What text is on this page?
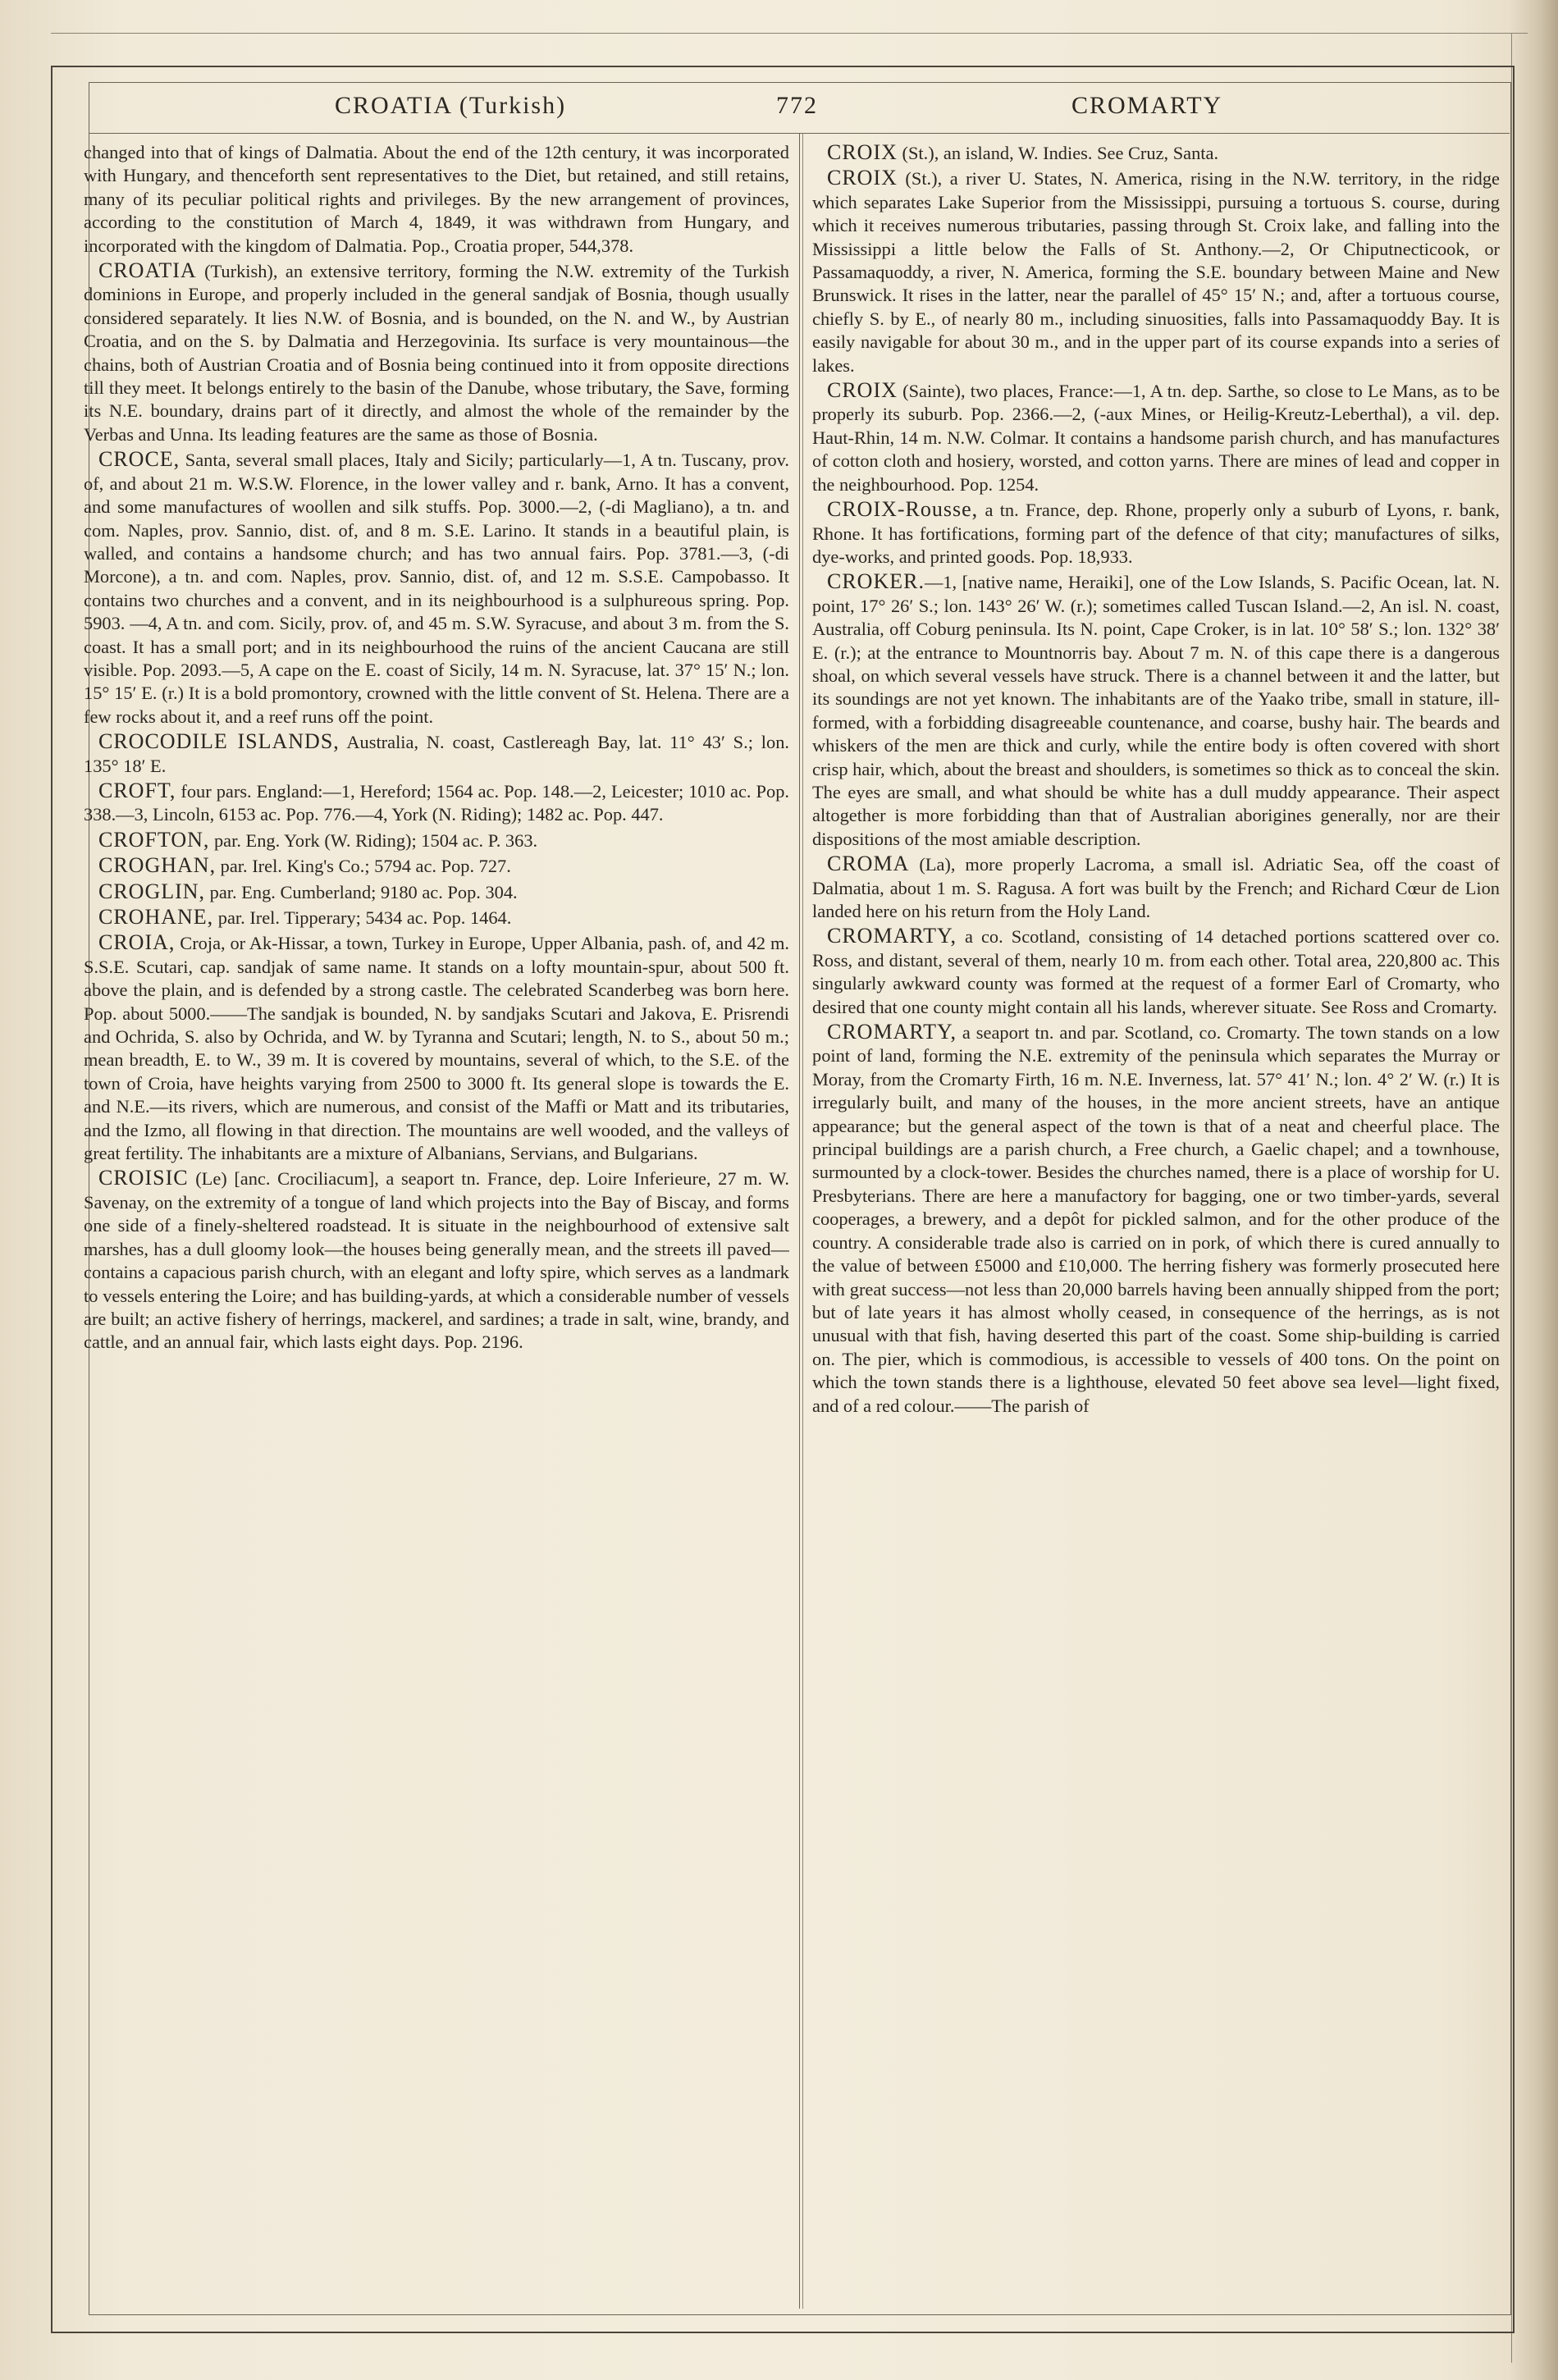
CROATIA (Turkish)	772	CROMARTY

changed into that of kings of Dalmatia. About the end of the 12th century, it was incorporated with Hungary, and thenceforth sent representatives to the Diet, but retained, and still retains, many of its peculiar political rights and privileges. By the new arrangement of provinces, according to the constitution of March 4, 1849, it was withdrawn from Hungary, and incorporated with the kingdom of Dalmatia. Pop., Croatia proper, 544,378.

CROATIA (Turkish), an extensive territory, forming the N.W. extremity of the Turkish dominions in Europe, and properly included in the general sandjak of Bosnia, though usually considered separately. It lies N.W. of Bosnia, and is bounded, on the N. and W., by Austrian Croatia, and on the S. by Dalmatia and Herzegovinia. Its surface is very mountainous—the chains, both of Austrian Croatia and of Bosnia being continued into it from opposite directions till they meet. It belongs entirely to the basin of the Danube, whose tributary, the Save, forming its N.E. boundary, drains part of it directly, and almost the whole of the remainder by the Verbas and Unna. Its leading features are the same as those of Bosnia.

CROCE, Santa, several small places, Italy and Sicily; particularly—1, A tn. Tuscany, prov. of, and about 21 m. W.S.W. Florence, in the lower valley and r. bank, Arno. It has a convent, and some manufactures of woollen and silk stuffs. Pop. 3000.—2, (-di Magliano), a tn. and com. Naples, prov. Sannio, dist. of, and 8 m. S.E. Larino. It stands in a beautiful plain, is walled, and contains a handsome church; and has two annual fairs. Pop. 3781.—3, (-di Morcone), a tn. and com. Naples, prov. Sannio, dist. of, and 12 m. S.S.E. Campobasso. It contains two churches and a convent, and in its neighbourhood is a sulphureous spring. Pop. 5903. —4, A tn. and com. Sicily, prov. of, and 45 m. S.W. Syracuse, and about 3 m. from the S. coast. It has a small port; and in its neighbourhood the ruins of the ancient Caucana are still visible. Pop. 2093.—5, A cape on the E. coast of Sicily, 14 m. N. Syracuse, lat. 37° 15′ N.; lon. 15° 15′ E. (r.) It is a bold promontory, crowned with the little convent of St. Helena. There are a few rocks about it, and a reef runs off the point.

CROCODILE ISLANDS, Australia, N. coast, Castlereagh Bay, lat. 11° 43′ S.; lon. 135° 18′ E.

CROFT, four pars. England:—1, Hereford; 1564 ac. Pop. 148.—2, Leicester; 1010 ac. Pop. 338.—3, Lincoln, 6153 ac. Pop. 776.—4, York (N. Riding); 1482 ac. Pop. 447.

CROFTON, par. Eng. York (W. Riding); 1504 ac. P. 363.

CROGHAN, par. Irel. King's Co.; 5794 ac. Pop. 727.

CROGLIN, par. Eng. Cumberland; 9180 ac. Pop. 304.

CROHANE, par. Irel. Tipperary; 5434 ac. Pop. 1464.

CROIA, Croja, or Ak-Hissar, a town, Turkey in Europe, Upper Albania, pash. of, and 42 m. S.S.E. Scutari, cap. sandjak of same name. It stands on a lofty mountain-spur, about 500 ft. above the plain, and is defended by a strong castle. The celebrated Scanderbeg was born here. Pop. about 5000.——The sandjak is bounded, N. by sandjaks Scutari and Jakova, E. Prisrendi and Ochrida, S. also by Ochrida, and W. by Tyranna and Scutari; length, N. to S., about 50 m.; mean breadth, E. to W., 39 m. It is covered by mountains, several of which, to the S.E. of the town of Croia, have heights varying from 2500 to 3000 ft. Its general slope is towards the E. and N.E.—its rivers, which are numerous, and consist of the Maffi or Matt and its tributaries, and the Izmo, all flowing in that direction. The mountains are well wooded, and the valleys of great fertility. The inhabitants are a mixture of Albanians, Servians, and Bulgarians.

CROISIC (Le) [anc. Crociliacum], a seaport tn. France, dep. Loire Inferieure, 27 m. W. Savenay, on the extremity of a tongue of land which projects into the Bay of Biscay, and forms one side of a finely-sheltered roadstead. It is situate in the neighbourhood of extensive salt marshes, has a dull gloomy look—the houses being generally mean, and the streets ill paved—contains a capacious parish church, with an elegant and lofty spire, which serves as a landmark to vessels entering the Loire; and has building-yards, at which a considerable number of vessels are built; an active fishery of herrings, mackerel, and sardines; a trade in salt, wine, brandy, and cattle, and an annual fair, which lasts eight days. Pop. 2196.

CROIX (St.), an island, W. Indies. See Cruz, Santa.

CROIX (St.), a river U. States, N. America, rising in the N.W. territory, in the ridge which separates Lake Superior from the Mississippi, pursuing a tortuous S. course, during which it receives numerous tributaries, passing through St. Croix lake, and falling into the Mississippi a little below the Falls of St. Anthony.—2, Or Chiputnecticook, or Passamaquoddy, a river, N. America, forming the S.E. boundary between Maine and New Brunswick. It rises in the latter, near the parallel of 45° 15′ N.; and, after a tortuous course, chiefly S. by E., of nearly 80 m., including sinuosities, falls into Passamaquoddy Bay. It is easily navigable for about 30 m., and in the upper part of its course expands into a series of lakes.

CROIX (Sainte), two places, France:—1, A tn. dep. Sarthe, so close to Le Mans, as to be properly its suburb. Pop. 2366.—2, (-aux Mines, or Heilig-Kreutz-Leberthal), a vil. dep. Haut-Rhin, 14 m. N.W. Colmar. It contains a handsome parish church, and has manufactures of cotton cloth and hosiery, worsted, and cotton yarns. There are mines of lead and copper in the neighbourhood. Pop. 1254.

CROIX-Rousse, a tn. France, dep. Rhone, properly only a suburb of Lyons, r. bank, Rhone. It has fortifications, forming part of the defence of that city; manufactures of silks, dye-works, and printed goods. Pop. 18,933.

CROKER.—1, [native name, Heraiki], one of the Low Islands, S. Pacific Ocean, lat. N. point, 17° 26′ S.; lon. 143° 26′ W. (r.); sometimes called Tuscan Island.—2, An isl. N. coast, Australia, off Coburg peninsula. Its N. point, Cape Croker, is in lat. 10° 58′ S.; lon. 132° 38′ E. (r.); at the entrance to Mountnorris bay. About 7 m. N. of this cape there is a dangerous shoal, on which several vessels have struck. There is a channel between it and the latter, but its soundings are not yet known. The inhabitants are of the Yaako tribe, small in stature, ill-formed, with a forbidding disagreeable countenance, and coarse, bushy hair. The beards and whiskers of the men are thick and curly, while the entire body is often covered with short crisp hair, which, about the breast and shoulders, is sometimes so thick as to conceal the skin. The eyes are small, and what should be white has a dull muddy appearance. Their aspect altogether is more forbidding than that of Australian aborigines generally, nor are their dispositions of the most amiable description.

CROMA (La), more properly Lacroma, a small isl. Adriatic Sea, off the coast of Dalmatia, about 1 m. S. Ragusa. A fort was built by the French; and Richard Cœur de Lion landed here on his return from the Holy Land.

CROMARTY, a co. Scotland, consisting of 14 detached portions scattered over co. Ross, and distant, several of them, nearly 10 m. from each other. Total area, 220,800 ac. This singularly awkward county was formed at the request of a former Earl of Cromarty, who desired that one county might contain all his lands, wherever situate. See Ross and Cromarty.

CROMARTY, a seaport tn. and par. Scotland, co. Cromarty. The town stands on a low point of land, forming the N.E. extremity of the peninsula which separates the Murray or Moray, from the Cromarty Firth, 16 m. N.E. Inverness, lat. 57° 41′ N.; lon. 4° 2′ W. (r.) It is irregularly built, and many of the houses, in the more ancient streets, have an antique appearance; but the general aspect of the town is that of a neat and cheerful place. The principal buildings are a parish church, a Free church, a Gaelic chapel; and a townhouse, surmounted by a clock-tower. Besides the churches named, there is a place of worship for U. Presbyterians. There are here a manufactory for bagging, one or two timber-yards, several cooperages, a brewery, and a depôt for pickled salmon, and for the other produce of the country. A considerable trade also is carried on in pork, of which there is cured annually to the value of between £5000 and £10,000. The herring fishery was formerly prosecuted here with great success—not less than 20,000 barrels having been annually shipped from the port; but of late years it has almost wholly ceased, in consequence of the herrings, as is not unusual with that fish, having deserted this part of the coast. Some ship-building is carried on. The pier, which is commodious, is accessible to vessels of 400 tons. On the point on which the town stands there is a lighthouse, elevated 50 feet above sea level—light fixed, and of a red colour.——The parish of
